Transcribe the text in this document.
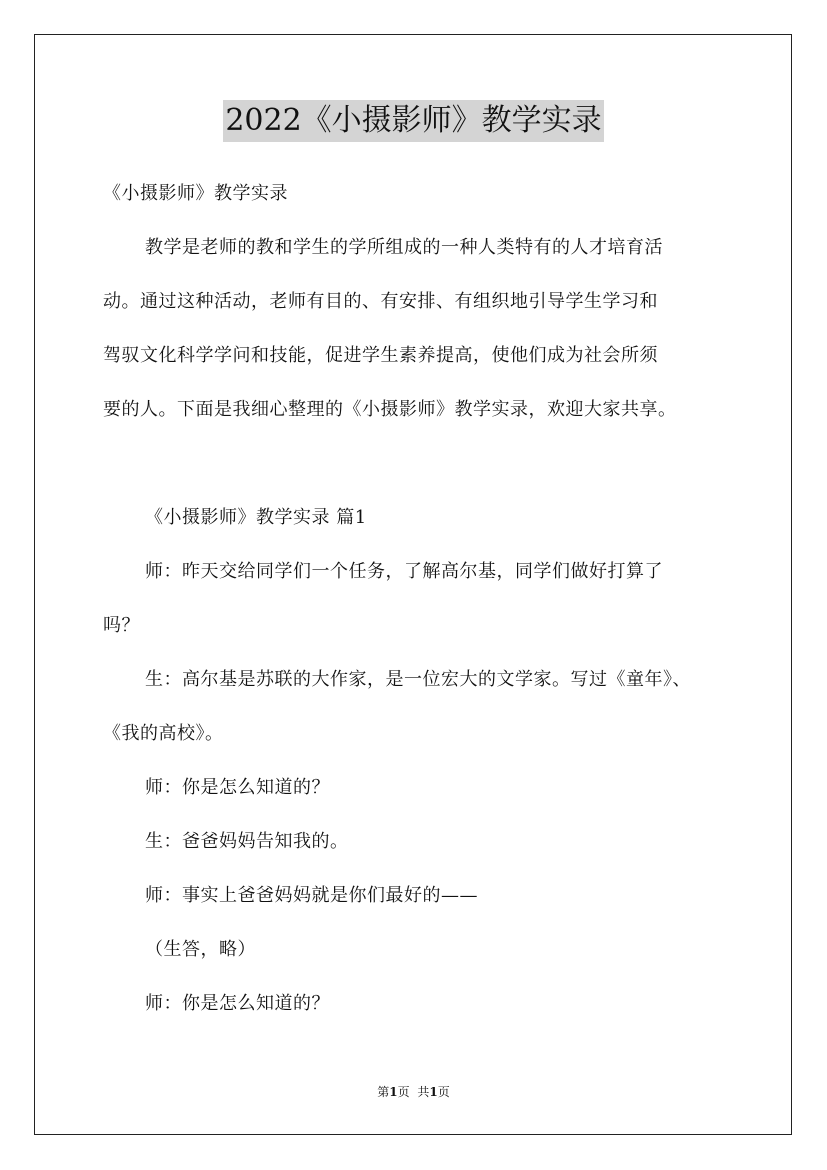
2022《小摄影师》教学实录
《小摄影师》教学实录
教学是老师的教和学生的学所组成的一种人类特有的人才培育活
动。通过这种活动，老师有目的、有安排、有组织地引导学生学习和
驾驭文化科学学问和技能，促进学生素养提高，使他们成为社会所须
要的人。下面是我细心整理的《小摄影师》教学实录，欢迎大家共享。
《小摄影师》教学实录 篇1
师：昨天交给同学们一个任务，了解高尔基，同学们做好打算了
吗？
生：高尔基是苏联的大作家，是一位宏大的文学家。写过《童年》、
《我的高校》。
师：你是怎么知道的？
生：爸爸妈妈告知我的。
师：事实上爸爸妈妈就是你们最好的——
（生答，略）
师：你是怎么知道的？
第1页 共1页
